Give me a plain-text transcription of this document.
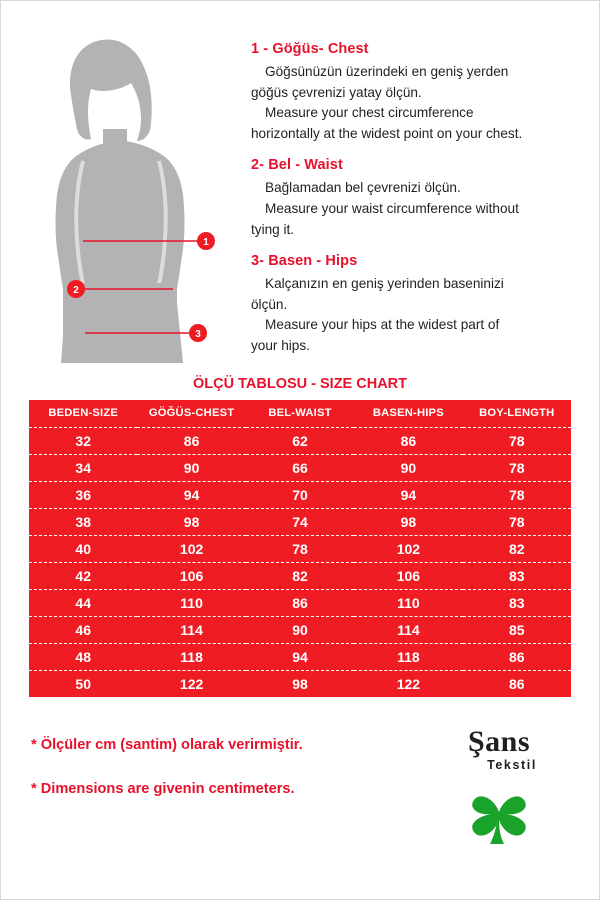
1
2
3
1 - Göğüs- Chest

Göğsünüzün üzerindeki en geniş yerden

göğüs çevrenizi yatay ölçün.

Measure your chest circumference

horizontally at the widest point on your chest.

2- Bel - Waist

Bağlamadan bel çevrenizi ölçün.

Measure your waist circumference without

tying it.

3- Basen - Hips

Kalçanızın en geniş yerinden baseninizi

ölçün.

Measure your hips at the widest part of

your hips.

ÖLÇÜ TABLOSU - SIZE CHART
BEDEN-SIZE	GÖĞÜS-CHEST	BEL-WAIST	BASEN-HIPS	BOY-LENGTH
32	86	62	86	78
34	90	66	90	78
36	94	70	94	78
38	98	74	98	78
40	102	78	102	82
42	106	82	106	83
44	110	86	110	83
46	114	90	114	85
48	118	94	118	86
50	122	98	122	86
* Ölçüler cm (santim) olarak verirmiştir.
* Dimensions are givenin centimeters.
Şans
Tekstil
